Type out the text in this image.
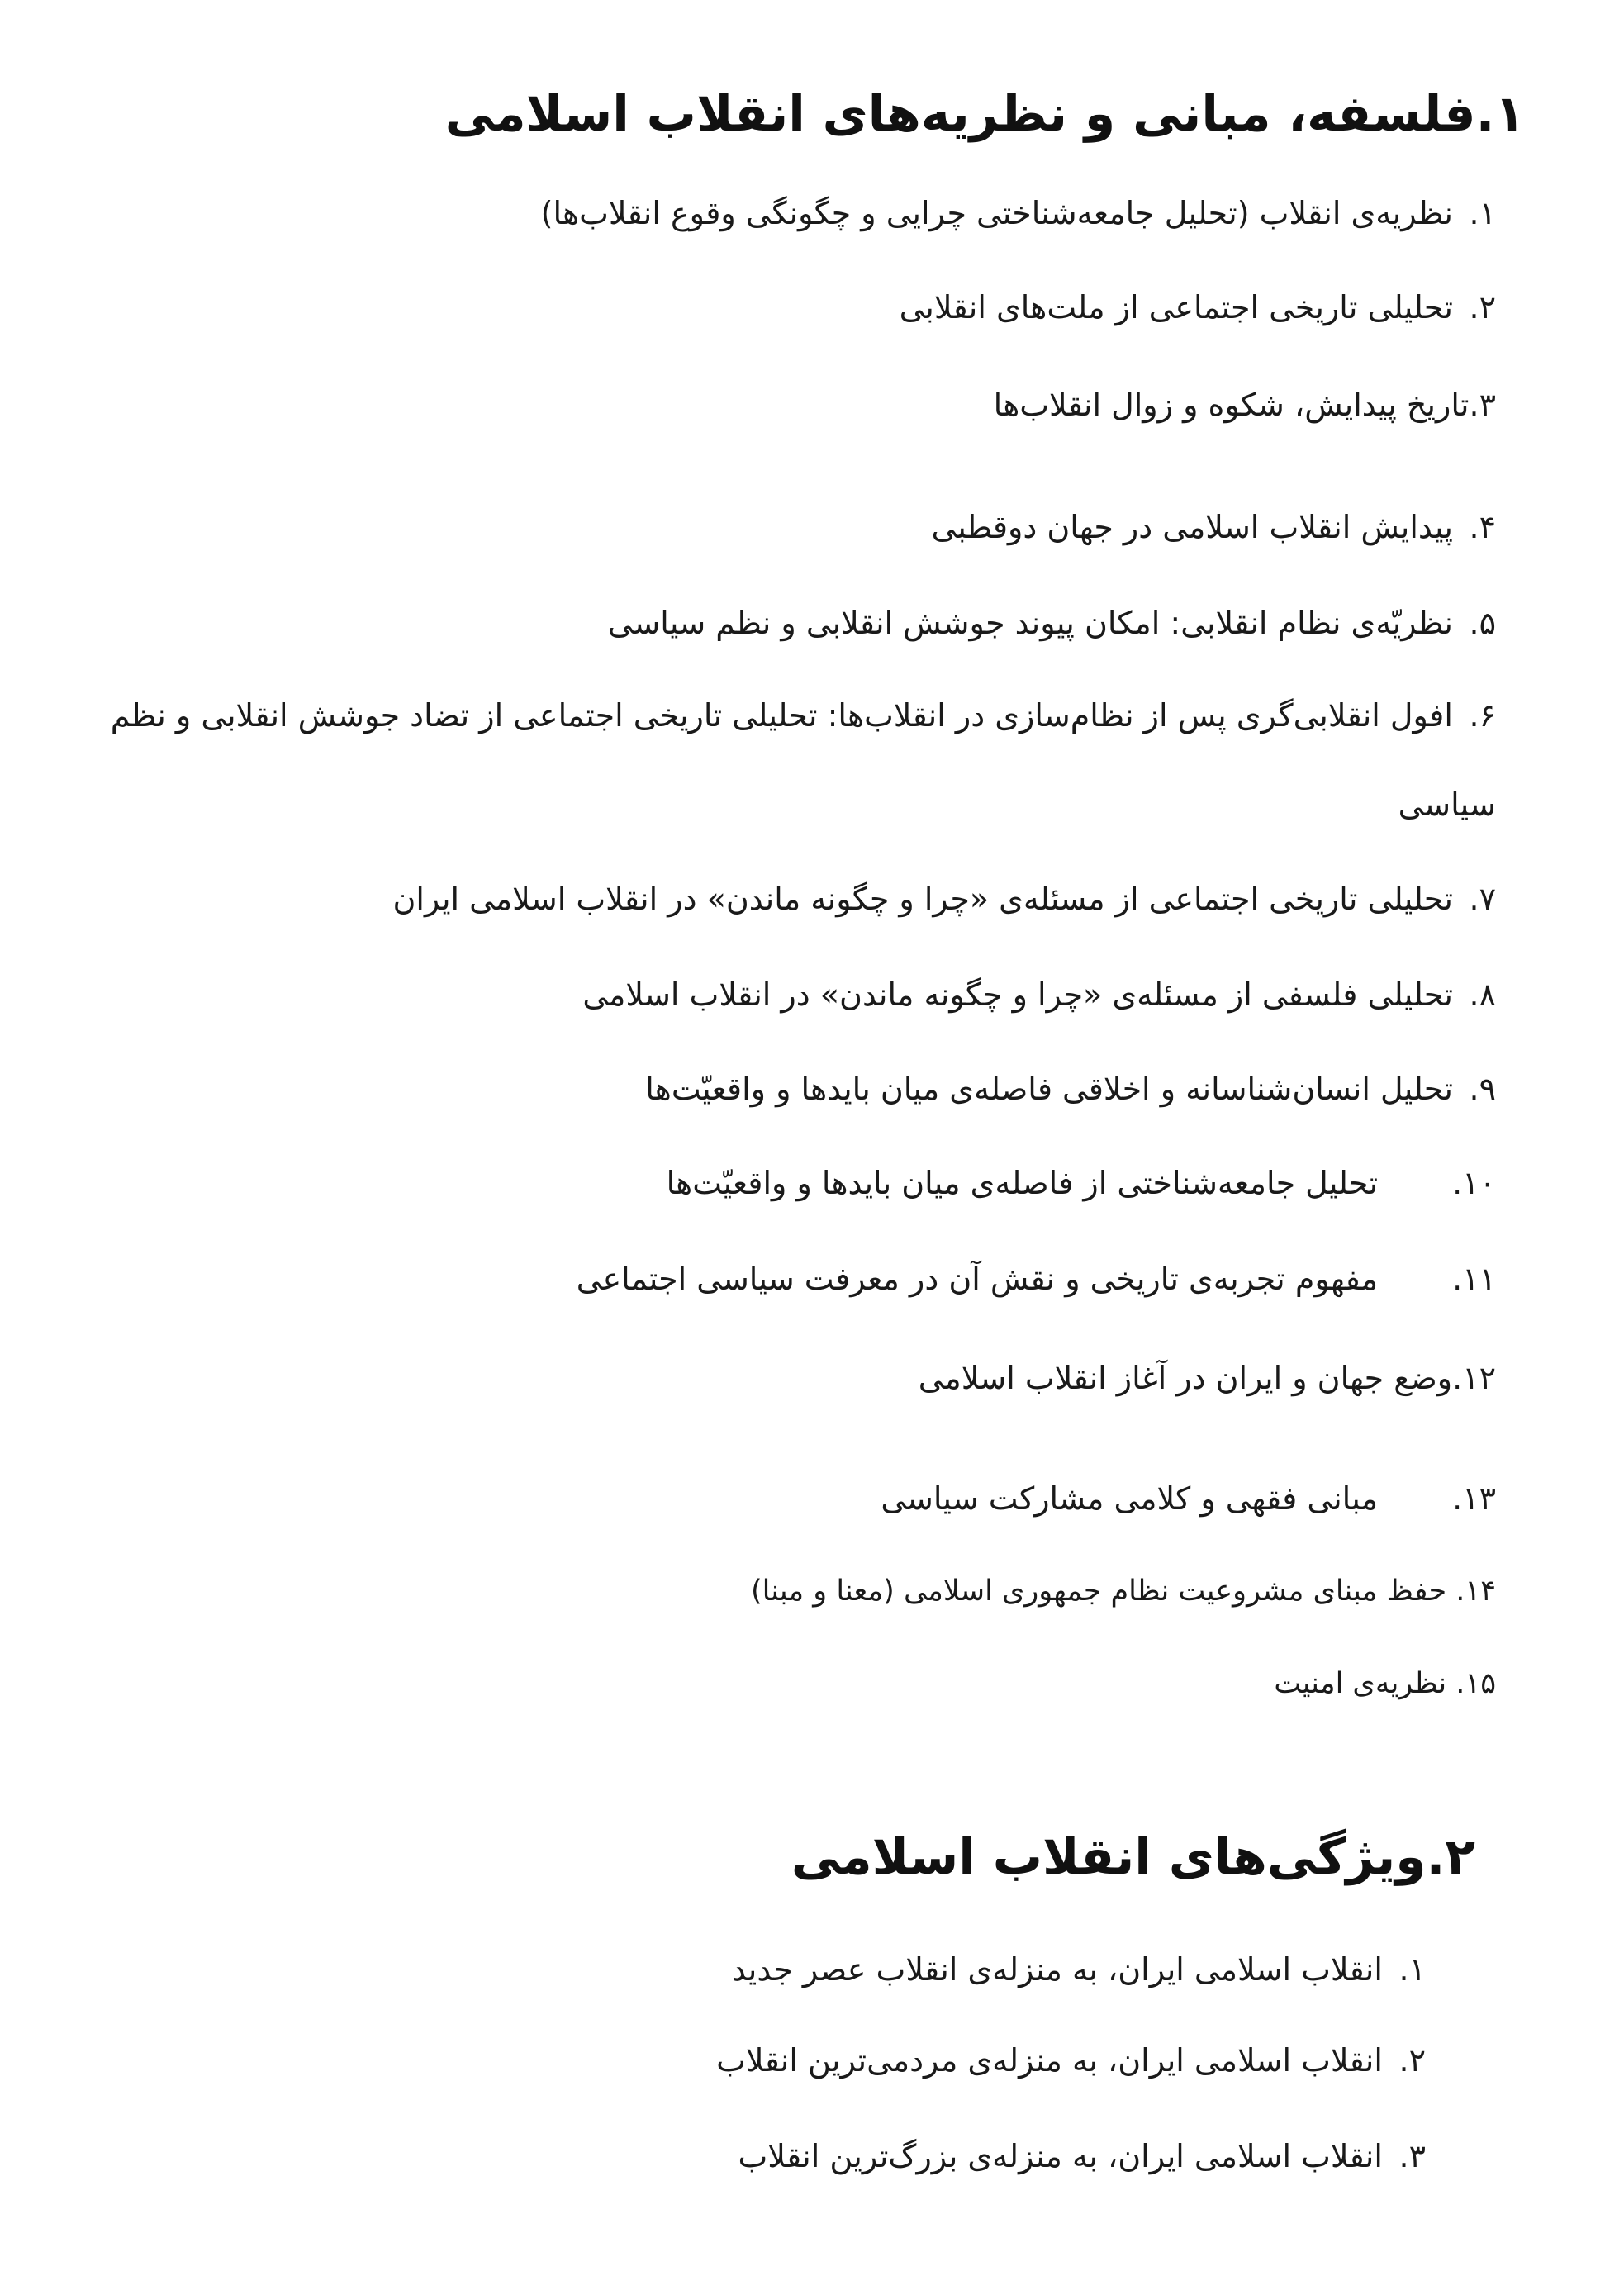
۱.فلسفه، مبانی و نظریه‌های انقلاب اسلامی

۱. نظریه‌ی انقلاب (تحلیل جامعه‌شناختی چرایی و چگونگی وقوع انقلاب‌ها)

۲. تحلیلی تاریخی اجتماعی از ملت‌های انقلابی

۳.تاریخ پیدایش، شکوه و زوال انقلاب‌ها

۴. پیدایش انقلاب اسلامی در جهان دوقطبی

۵. نظریّه‌ی نظام انقلابی: امکان پیوند جوشش انقلابی و نظم سیاسی

۶. افول انقلابی‌گری پس از نظام‌سازی در انقلاب‌ها: تحلیلی تاریخی اجتماعی از تضاد جوشش انقلابی و نظم سیاسی

۷. تحلیلی تاریخی اجتماعی از مسئله‌ی «چرا و چگونه ماندن» در انقلاب اسلامی ایران

۸. تحلیلی فلسفی از مسئله‌ی «چرا و چگونه ماندن» در انقلاب اسلامی

۹. تحلیل انسان‌شناسانه و اخلاقی فاصله‌ی میان بایدها و واقعیّت‌ها

۱۰.تحلیل جامعه‌شناختی از فاصله‌ی میان بایدها و واقعیّت‌ها

۱۱.مفهوم تجربه‌ی تاریخی و نقش آن در معرفت سیاسی اجتماعی

۱۲.وضع جهان و ایران در آغاز انقلاب اسلامی

۱۳.مبانی فقهی و کلامی مشارکت سیاسی

۱۴. حفظ مبنای مشروعیت نظام جمهوری اسلامی (معنا و مبنا)

۱۵. نظریه‌ی امنیت

۲.ویژگی‌های انقلاب اسلامی

۱. انقلاب اسلامی ایران، به منزله‌ی انقلاب عصر جدید

۲. انقلاب اسلامی ایران، به منزله‌ی مردمی‌ترین انقلاب

۳. انقلاب اسلامی ایران، به منزله‌ی بزرگ‌ترین انقلاب
